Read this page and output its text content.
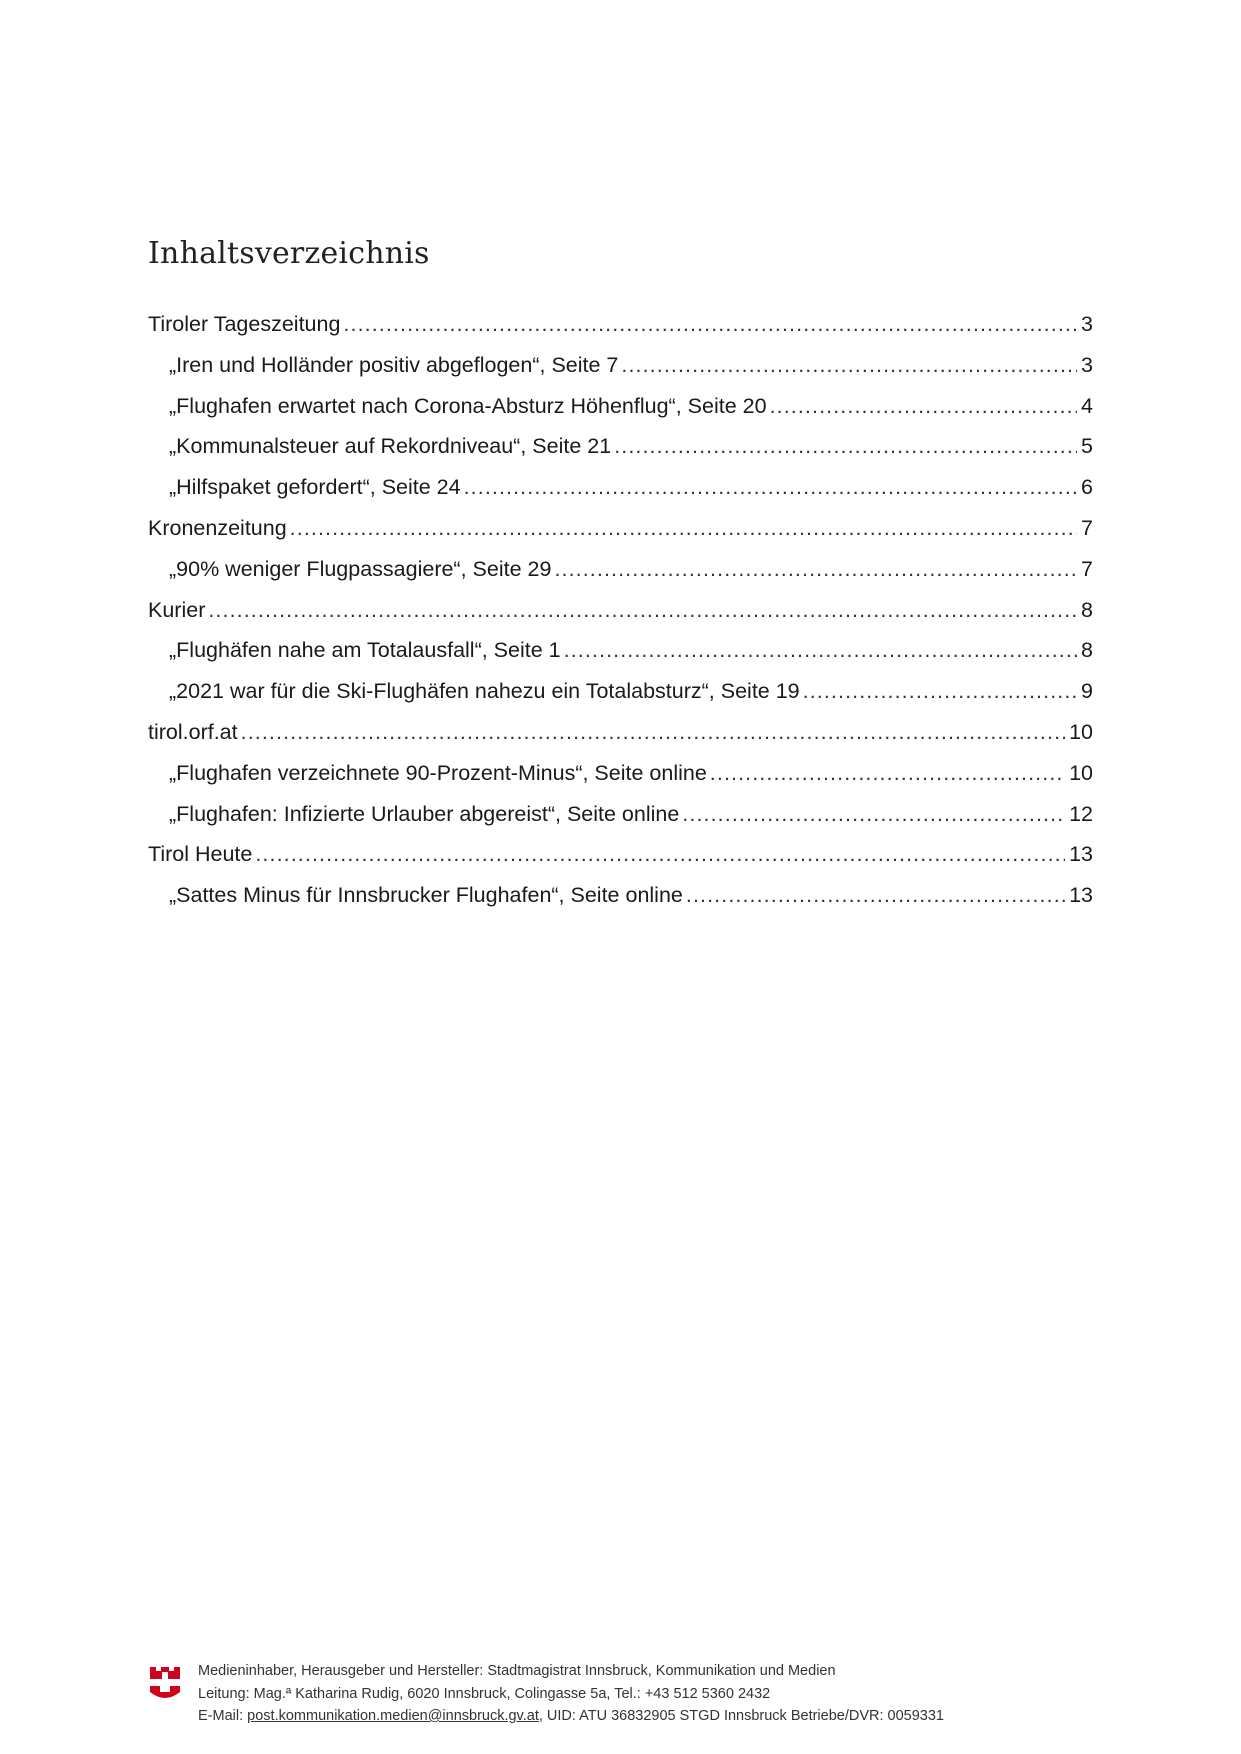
Inhaltsverzeichnis
Tiroler Tageszeitung .....	3
„Iren und Holländer positiv abgeflogen“, Seite 7 .....	3
„Flughafen erwartet nach Corona-Absturz Höhenflug“, Seite 20 .....	4
„Kommunalsteuer auf Rekordniveau“, Seite 21 .....	5
„Hilfspaket gefordert“, Seite 24 .....	6
Kronenzeitung .....	7
„90% weniger Flugpassagiere“, Seite 29 .....	7
Kurier .....	8
„Flughäfen nahe am Totalausfall“, Seite 1 .....	8
„2021 war für die Ski-Flughäfen nahezu ein Totalabsturz“, Seite 19 .....	9
tirol.orf.at .....	10
„Flughafen verzeichnete 90-Prozent-Minus“, Seite online .....	10
„Flughafen: Infizierte Urlauber abgereist“, Seite online .....	12
Tirol Heute .....	13
„Sattes Minus für Innsbrucker Flughafen“, Seite online .....	13
Medieninhaber, Herausgeber und Hersteller: Stadtmagistrat Innsbruck, Kommunikation und Medien
Leitung: Mag.ª Katharina Rudig, 6020 Innsbruck, Colingasse 5a, Tel.: +43 512 5360 2432
E-Mail: post.kommunikation.medien@innsbruck.gv.at, UID: ATU 36832905 STGD Innsbruck Betriebe/DVR: 0059331
